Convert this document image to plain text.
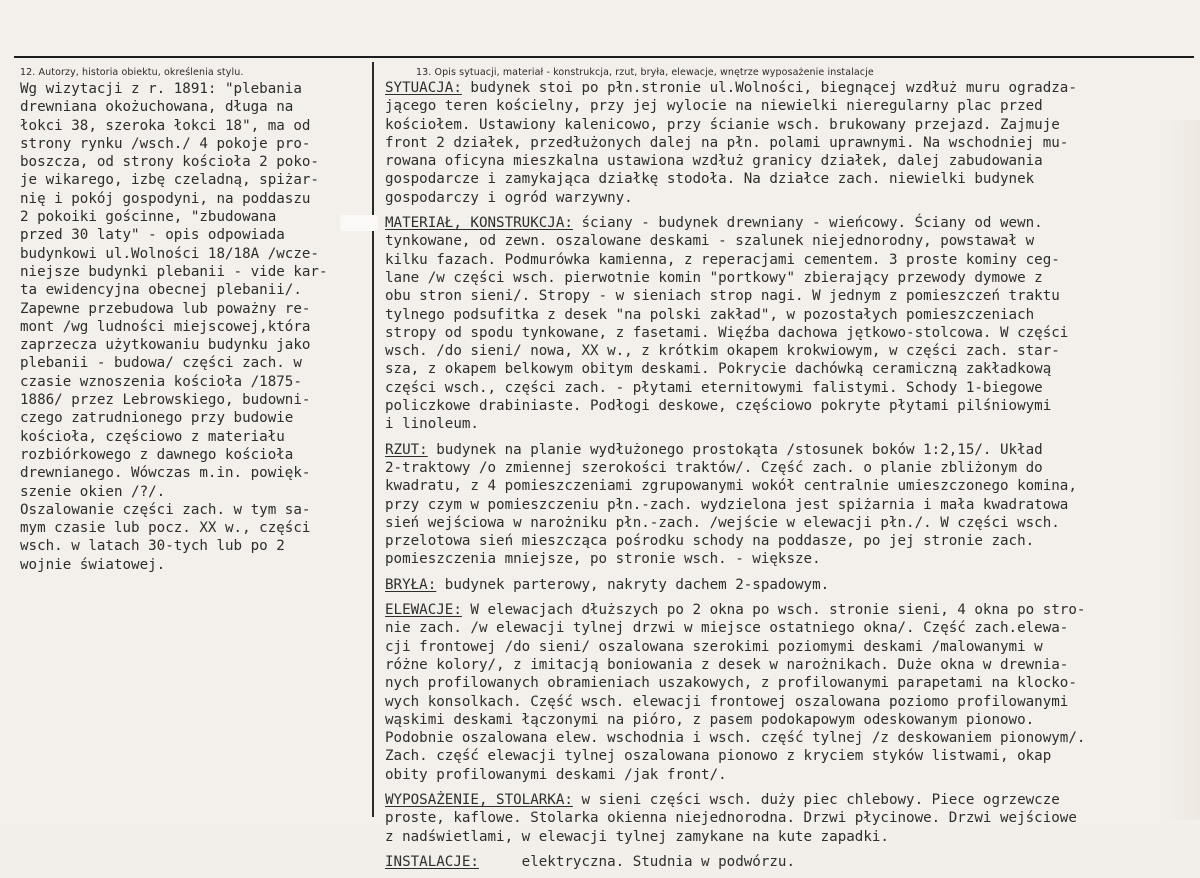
12. Autorzy, historia obiektu, określenia stylu.	13. Opis sytuacji, materiał - konstrukcja, rzut, bryła, elewacje, wnętrze wyposażenie instalacje
Wg wizytacji z r. 1891: "plebania
drewniana okożuchowana, długa na
łokci 38, szeroka łokci 18", ma od
strony rynku /wsch./ 4 pokoje pro-
boszcza, od strony kościoła 2 poko-
je wikarego, izbę czeladną, spiżar-
nię i pokój gospodyni, na poddaszu
2 pokoiki gościnne, "zbudowana
przed 30 laty" - opis odpowiada
budynkowi ul.Wolności 18/18A /wcze-
niejsze budynki plebanii - vide kar-
ta ewidencyjna obecnej plebanii/.
Zapewne przebudowa lub poważny re-
mont /wg ludności miejscowej,która
zaprzecza użytkowaniu budynku jako
plebanii - budowa/ części zach. w
czasie wznoszenia kościoła /1875-
1886/ przez Lebrowskiego, budowni-
czego zatrudnionego przy budowie
kościoła, częściowo z materiału
rozbiórkowego z dawnego kościoła
drewnianego. Wówczas m.in. powięk-
szenie okien /?/.
Oszalowanie części zach. w tym sa-
mym czasie lub pocz. XX w., części
wsch. w latach 30-tych lub po 2
wojnie światowej.
SYTUACJA: budynek stoi po płn.stronie ul.Wolności, biegnącej wzdłuż muru ogradza-
jącego teren kościelny, przy jej wylocie na niewielki nieregularny plac przed
kościołem. Ustawiony kalenicowo, przy ścianie wsch. brukowany przejazd. Zajmuje
front 2 działek, przedłużonych dalej na płn. polami uprawnymi. Na wschodniej mu-
rowana oficyna mieszkalna ustawiona wzdłuż granicy działek, dalej zabudowania
gospodarcze i zamykająca działkę stodoła. Na działce zach. niewielki budynek
gospodarczy i ogród warzywny.
MATERIAŁ, KONSTRUKCJA: ściany - budynek drewniany - wieńcowy. Ściany od wewn.
tynkowane, od zewn. oszalowane deskami - szalunek niejednorodny, powstawał w
kilku fazach. Podmurówka kamienna, z reperacjami cementem. 3 proste kominy ceg-
lane /w części wsch. pierwotnie komin "portkowy" zbierający przewody dymowe z
obu stron sieni/. Stropy - w sieniach strop nagi. W jednym z pomieszczeń traktu
tylnego podsufitka z desek "na polski zakład", w pozostałych pomieszczeniach
stropy od spodu tynkowane, z fasetami. Więźba dachowa jętkowo-stolcowa. W części
wsch. /do sieni/ nowa, XX w., z krótkim okapem krokwiowym, w części zach. star-
sza, z okapem belkowym obitym deskami. Pokrycie dachówką ceramiczną zakładkową
części wsch., części zach. - płytami eternitowymi falistymi. Schody 1-biegowe
policzkowe drabiniaste. Podłogi deskowe, częściowo pokryte płytami pilśniowymi
i linoleum.
RZUT: budynek na planie wydłużonego prostokąta /stosunek boków 1:2,15/. Układ
2-traktowy /o zmiennej szerokości traktów/. Część zach. o planie zbliżonym do
kwadratu, z 4 pomieszczeniami zgrupowanymi wokół centralnie umieszczonego komina,
przy czym w pomieszczeniu płn.-zach. wydzielona jest spiżarnia i mała kwadratowa
sień wejściowa w narożniku płn.-zach. /wejście w elewacji płn./. W części wsch.
przelotowa sień mieszcząca pośrodku schody na poddasze, po jej stronie zach.
pomieszczenia mniejsze, po stronie wsch. - większe.
BRYŁA: budynek parterowy, nakryty dachem 2-spadowym.
ELEWACJE: W elewacjach dłuższych po 2 okna po wsch. stronie sieni, 4 okna po stro-
nie zach. /w elewacji tylnej drzwi w miejsce ostatniego okna/. Część zach.elewa-
cji frontowej /do sieni/ oszalowana szerokimi poziomymi deskami /malowanymi w
różne kolory/, z imitacją boniowania z desek w narożnikach. Duże okna w drewnia-
nych profilowanych obramieniach uszakowych, z profilowanymi parapetami na klocko-
wych konsolkach. Część wsch. elewacji frontowej oszalowana poziomo profilowanymi
wąskimi deskami łączonymi na pióro, z pasem podokapowym odeskowanym pionowo.
Podobnie oszalowana elew. wschodnia i wsch. część tylnej /z deskowaniem pionowym/.
Zach. część elewacji tylnej oszalowana pionowo z kryciem styków listwami, okap
obity profilowanymi deskami /jak front/.
WYPOSAŻENIE, STOLARKA: w sieni części wsch. duży piec chlebowy. Piece ogrzewcze
proste, kaflowe. Stolarka okienna niejednorodna. Drzwi płycinowe. Drzwi wejściowe
z nadświetlami, w elewacji tylnej zamykane na kute zapadki.
INSTALACJE:     elektryczna. Studnia w podwórzu.
